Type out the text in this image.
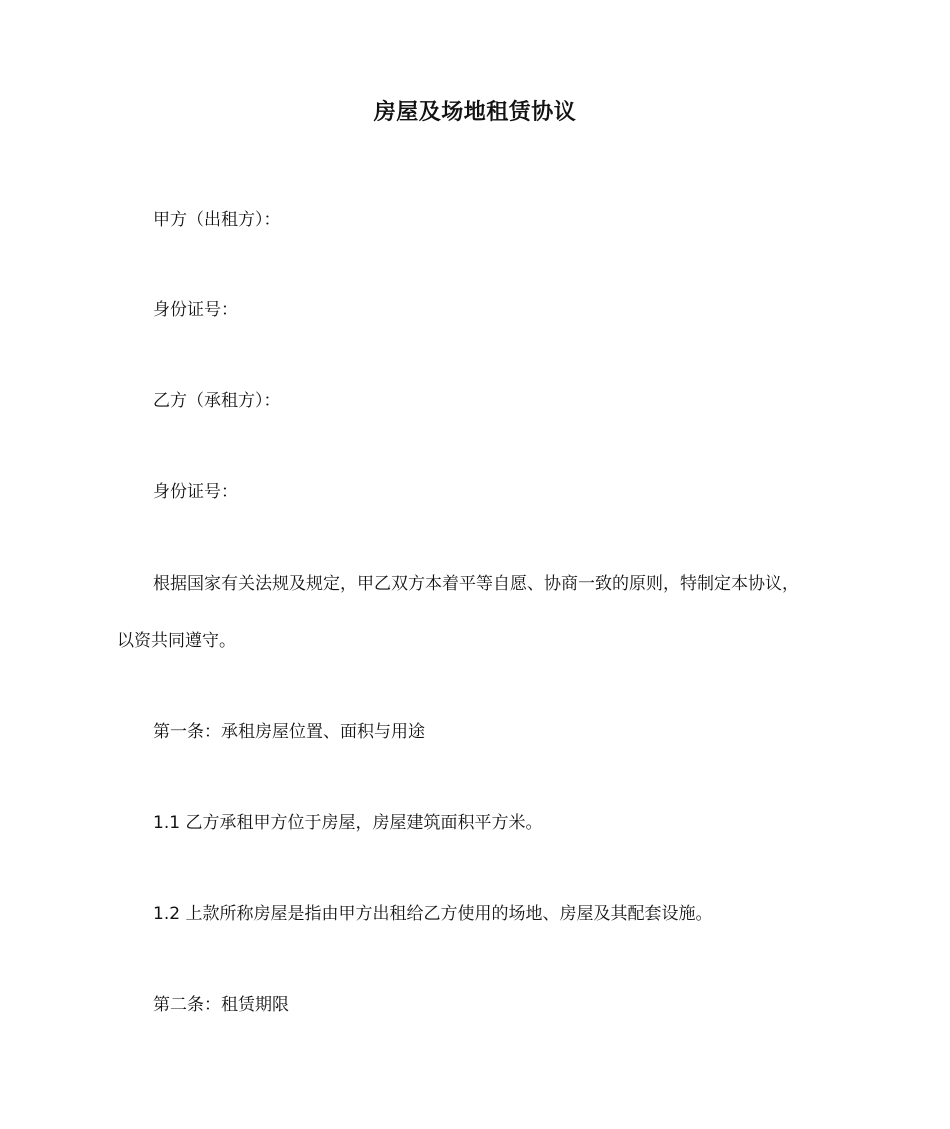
房屋及场地租赁协议
甲方（出租方）：
身份证号：
乙方（承租方）：
身份证号：
根据国家有关法规及规定，甲乙双方本着平等自愿、协商一致的原则，特制定本协议，
以资共同遵守。
第一条：承租房屋位置、面积与用途
1.1 乙方承租甲方位于房屋，房屋建筑面积平方米。
1.2 上款所称房屋是指由甲方出租给乙方使用的场地、房屋及其配套设施。
第二条：租赁期限
